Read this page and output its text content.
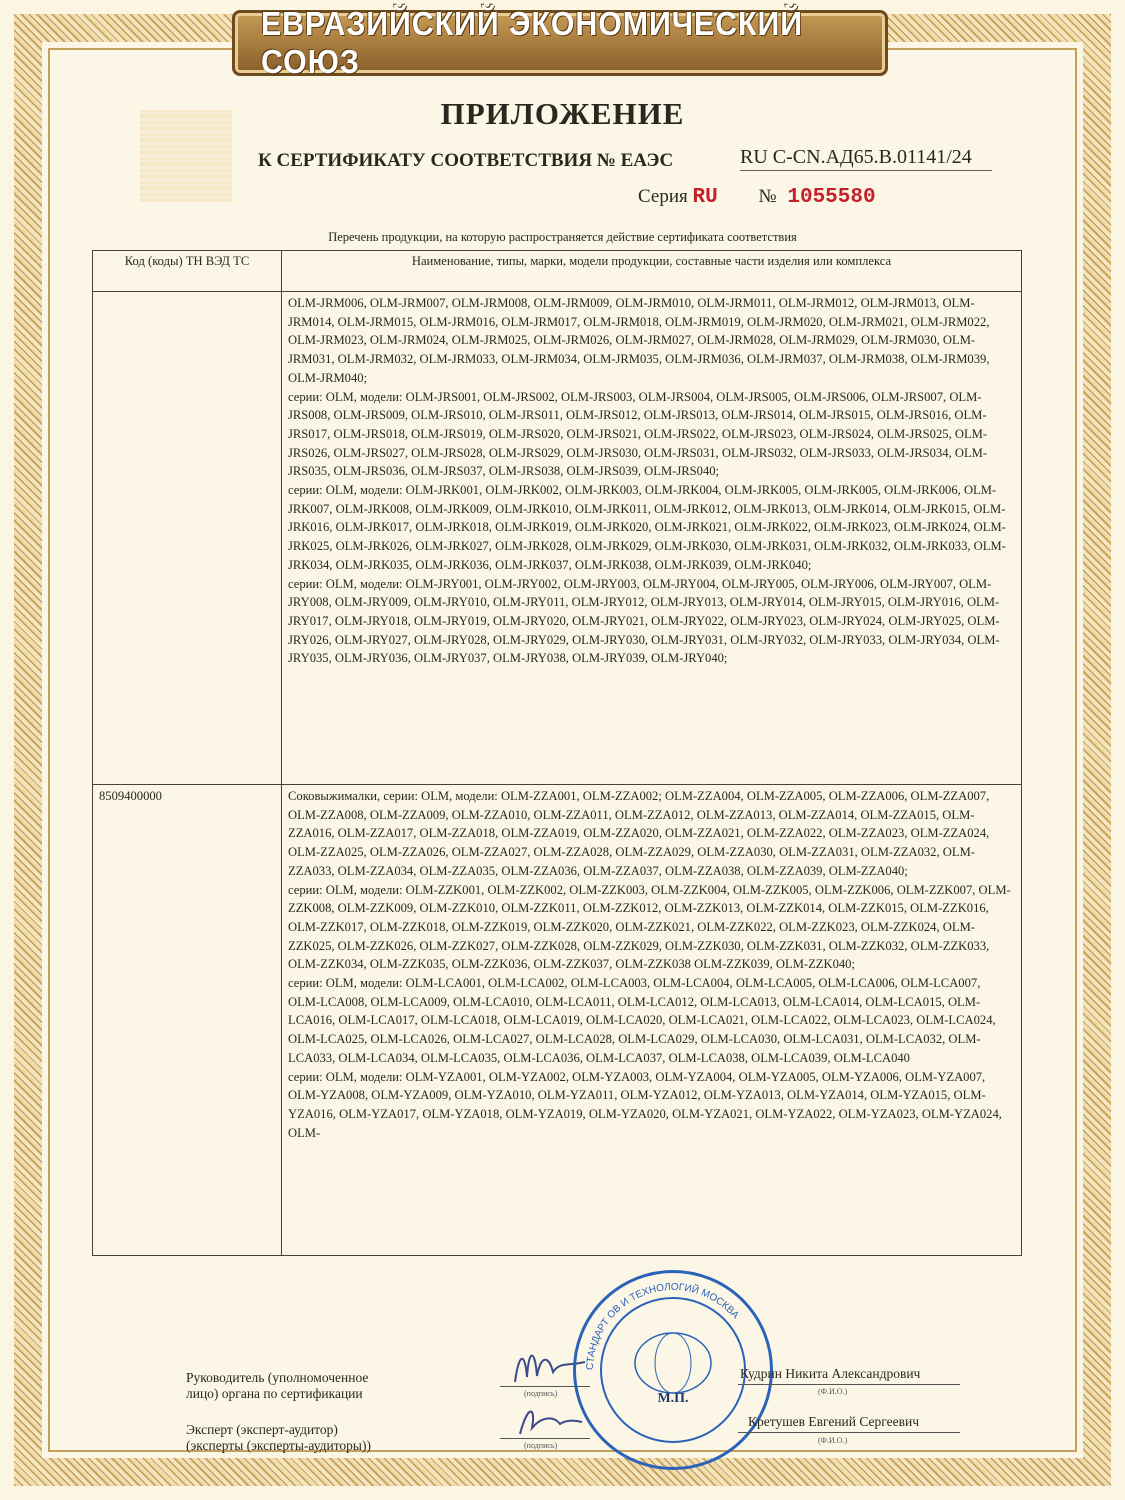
ЕВРАЗИЙСКИЙ ЭКОНОМИЧЕСКИЙ СОЮЗ
ПРИЛОЖЕНИЕ
К СЕРТИФИКАТУ СООТВЕТСТВИЯ № ЕАЭС	RU C-CN.АД65.В.01141/24
Серия RU № 1055580
Перечень продукции, на которую распространяется действие сертификата соответствия
Код (коды) ТН ВЭД ТС	Наименование, типы, марки, модели продукции, составные части изделия или комплекса
	OLM-JRM006, OLM-JRM007, OLM-JRM008, OLM-JRM009, OLM-JRM010, OLM-JRM011, OLM-JRM012, OLM-JRM013, OLM-JRM014, OLM-JRM015, OLM-JRM016, OLM-JRM017, OLM-JRM018, OLM-JRM019, OLM-JRM020, OLM-JRM021, OLM-JRM022, OLM-JRM023, OLM-JRM024, OLM-JRM025, OLM-JRM026, OLM-JRM027, OLM-JRM028, OLM-JRM029, OLM-JRM030, OLM-JRM031, OLM-JRM032, OLM-JRM033, OLM-JRM034, OLM-JRM035, OLM-JRM036, OLM-JRM037, OLM-JRM038, OLM-JRM039, OLM-JRM040;
серии: OLM, модели: OLM-JRS001, OLM-JRS002, OLM-JRS003, OLM-JRS004, OLM-JRS005, OLM-JRS006, OLM-JRS007, OLM-JRS008, OLM-JRS009, OLM-JRS010, OLM-JRS011, OLM-JRS012, OLM-JRS013, OLM-JRS014, OLM-JRS015, OLM-JRS016, OLM-JRS017, OLM-JRS018, OLM-JRS019, OLM-JRS020, OLM-JRS021, OLM-JRS022, OLM-JRS023, OLM-JRS024, OLM-JRS025, OLM-JRS026, OLM-JRS027, OLM-JRS028, OLM-JRS029, OLM-JRS030, OLM-JRS031, OLM-JRS032, OLM-JRS033, OLM-JRS034, OLM-JRS035, OLM-JRS036, OLM-JRS037, OLM-JRS038, OLM-JRS039, OLM-JRS040;
серии: OLM, модели: OLM-JRK001, OLM-JRK002, OLM-JRK003, OLM-JRK004, OLM-JRK005, OLM-JRK005, OLM-JRK006, OLM-JRK007, OLM-JRK008, OLM-JRK009, OLM-JRK010, OLM-JRK011, OLM-JRK012, OLM-JRK013, OLM-JRK014, OLM-JRK015, OLM-JRK016, OLM-JRK017, OLM-JRK018, OLM-JRK019, OLM-JRK020, OLM-JRK021, OLM-JRK022, OLM-JRK023, OLM-JRK024, OLM-JRK025, OLM-JRK026, OLM-JRK027, OLM-JRK028, OLM-JRK029, OLM-JRK030, OLM-JRK031, OLM-JRK032, OLM-JRK033, OLM-JRK034, OLM-JRK035, OLM-JRK036, OLM-JRK037, OLM-JRK038, OLM-JRK039, OLM-JRK040;
серии: OLM, модели: OLM-JRY001, OLM-JRY002, OLM-JRY003, OLM-JRY004, OLM-JRY005, OLM-JRY006, OLM-JRY007, OLM-JRY008, OLM-JRY009, OLM-JRY010, OLM-JRY011, OLM-JRY012, OLM-JRY013, OLM-JRY014, OLM-JRY015, OLM-JRY016, OLM-JRY017, OLM-JRY018, OLM-JRY019, OLM-JRY020, OLM-JRY021, OLM-JRY022, OLM-JRY023, OLM-JRY024, OLM-JRY025, OLM-JRY026, OLM-JRY027, OLM-JRY028, OLM-JRY029, OLM-JRY030, OLM-JRY031, OLM-JRY032, OLM-JRY033, OLM-JRY034, OLM-JRY035, OLM-JRY036, OLM-JRY037, OLM-JRY038, OLM-JRY039, OLM-JRY040;
8509400000	Соковыжималки, серии: OLM, модели: OLM-ZZA001, OLM-ZZA002; OLM-ZZA004, OLM-ZZA005, OLM-ZZA006, OLM-ZZA007, OLM-ZZA008, OLM-ZZA009, OLM-ZZA010, OLM-ZZA011, OLM-ZZA012, OLM-ZZA013, OLM-ZZA014, OLM-ZZA015, OLM-ZZA016, OLM-ZZA017, OLM-ZZA018, OLM-ZZA019, OLM-ZZA020, OLM-ZZA021, OLM-ZZA022, OLM-ZZA023, OLM-ZZA024, OLM-ZZA025, OLM-ZZA026, OLM-ZZA027, OLM-ZZA028, OLM-ZZA029, OLM-ZZA030, OLM-ZZA031, OLM-ZZA032, OLM-ZZA033, OLM-ZZA034, OLM-ZZA035, OLM-ZZA036, OLM-ZZA037, OLM-ZZA038, OLM-ZZA039, OLM-ZZA040;
серии: OLM, модели: OLM-ZZK001, OLM-ZZK002, OLM-ZZK003, OLM-ZZK004, OLM-ZZK005, OLM-ZZK006, OLM-ZZK007, OLM-ZZK008, OLM-ZZK009, OLM-ZZK010, OLM-ZZK011, OLM-ZZK012, OLM-ZZK013, OLM-ZZK014, OLM-ZZK015, OLM-ZZK016, OLM-ZZK017, OLM-ZZK018, OLM-ZZK019, OLM-ZZK020, OLM-ZZK021, OLM-ZZK022, OLM-ZZK023, OLM-ZZK024, OLM-ZZK025, OLM-ZZK026, OLM-ZZK027, OLM-ZZK028, OLM-ZZK029, OLM-ZZK030, OLM-ZZK031, OLM-ZZK032, OLM-ZZK033, OLM-ZZK034, OLM-ZZK035, OLM-ZZK036, OLM-ZZK037, OLM-ZZK038 OLM-ZZK039, OLM-ZZK040;
серии: OLM, модели: OLM-LCA001, OLM-LCA002, OLM-LCA003, OLM-LCA004, OLM-LCA005, OLM-LCA006, OLM-LCA007, OLM-LCA008, OLM-LCA009, OLM-LCA010, OLM-LCA011, OLM-LCA012, OLM-LCA013, OLM-LCA014, OLM-LCA015, OLM-LCA016, OLM-LCA017, OLM-LCA018, OLM-LCA019, OLM-LCA020, OLM-LCA021, OLM-LCA022, OLM-LCA023, OLM-LCA024, OLM-LCA025, OLM-LCA026, OLM-LCA027, OLM-LCA028, OLM-LCA029, OLM-LCA030, OLM-LCA031, OLM-LCA032, OLM-LCA033, OLM-LCA034, OLM-LCA035, OLM-LCA036, OLM-LCA037, OLM-LCA038, OLM-LCA039, OLM-LCA040
серии: OLM, модели: OLM-YZA001, OLM-YZA002, OLM-YZA003, OLM-YZA004, OLM-YZA005, OLM-YZA006, OLM-YZA007, OLM-YZA008, OLM-YZA009, OLM-YZA010, OLM-YZA011, OLM-YZA012, OLM-YZA013, OLM-YZA014, OLM-YZA015, OLM-YZA016, OLM-YZA017, OLM-YZA018, OLM-YZA019, OLM-YZA020, OLM-YZA021, OLM-YZA022, OLM-YZA023, OLM-YZA024, OLM-
Руководитель (уполномоченное
лицо) органа по сертификации
Эксперт (эксперт-аудитор)
(эксперты (эксперты-аудиторы))
(подпись)
(подпись)
СТАНДАРТ ОВ И ТЕХНОЛОГИЙ МОСКВА
М.П.
Кудрин Никита Александрович
(Ф.И.О.)
Кретушев Евгений Сергеевич
(Ф.И.О.)
